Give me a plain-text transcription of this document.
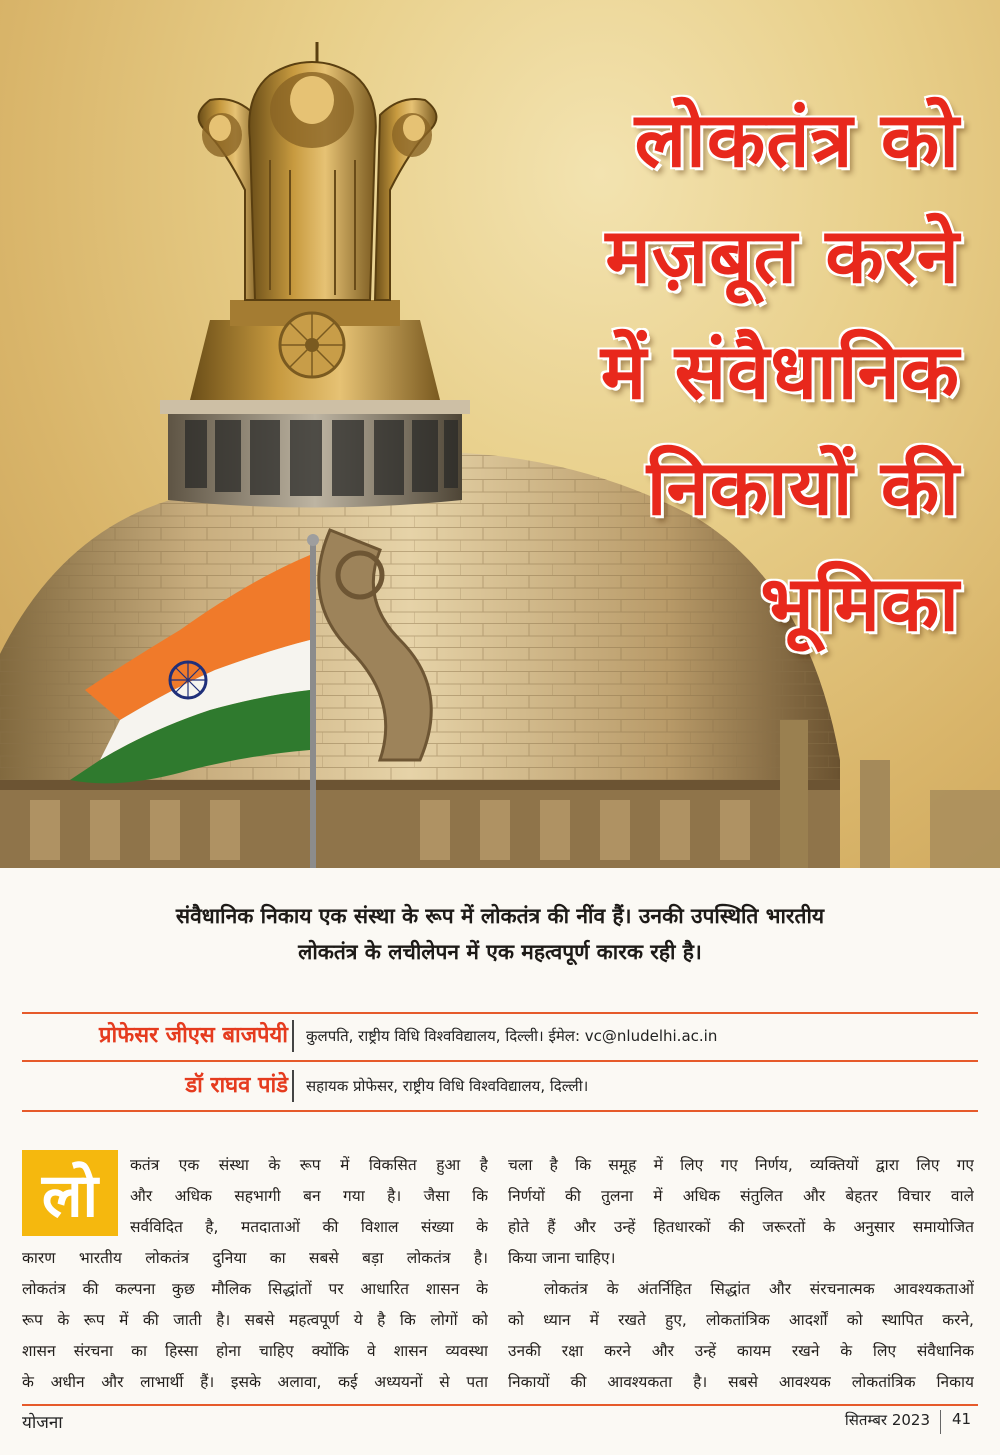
लोकतंत्र को
मज़बूत करने
में संवैधानिक
निकायों की
भूमिका
संवैधानिक निकाय एक संस्था के रूप में लोकतंत्र की नींव हैं। उनकी उपस्थिति भारतीय
लोकतंत्र के लचीलेपन में एक महत्वपूर्ण कारक रही है।
प्रोफेसर जीएस बाजपेयी कुलपति, राष्ट्रीय विधि विश्वविद्यालय, दिल्ली। ईमेल: vc@nludelhi.ac.in
डॉ राघव पांडे सहायक प्रोफेसर, राष्ट्रीय विधि विश्वविद्यालय, दिल्ली।
लो	कतंत्र एक संस्था के रूप में विकसित हुआ है
और अधिक सहभागी बन गया है। जैसा कि
सर्वविदित है, मतदाताओं की विशाल संख्या के
कारण भारतीय लोकतंत्र दुनिया का सबसे बड़ा लोकतंत्र है।
लोकतंत्र की कल्पना कुछ मौलिक सिद्धांतों पर आधारित शासन के
रूप के रूप में की जाती है। सबसे महत्वपूर्ण ये है कि लोगों को
शासन संरचना का हिस्सा होना चाहिए क्योंकि वे शासन व्यवस्था
के अधीन और लाभार्थी हैं। इसके अलावा, कई अध्ययनों से पता
चला है कि समूह में लिए गए निर्णय, व्यक्तियों द्वारा लिए गए
निर्णयों की तुलना में अधिक संतुलित और बेहतर विचार वाले
होते हैं और उन्हें हितधारकों की जरूरतों के अनुसार समायोजित
किया जाना चाहिए।
लोकतंत्र के अंतर्निहित सिद्धांत और संरचनात्मक आवश्यकताओं
को ध्यान में रखते हुए, लोकतांत्रिक आदर्शों को स्थापित करने,
उनकी रक्षा करने और उन्हें कायम रखने के लिए संवैधानिक
निकायों की आवश्यकता है। सबसे आवश्यक लोकतांत्रिक निकाय
योजना	सितम्बर 2023 41
